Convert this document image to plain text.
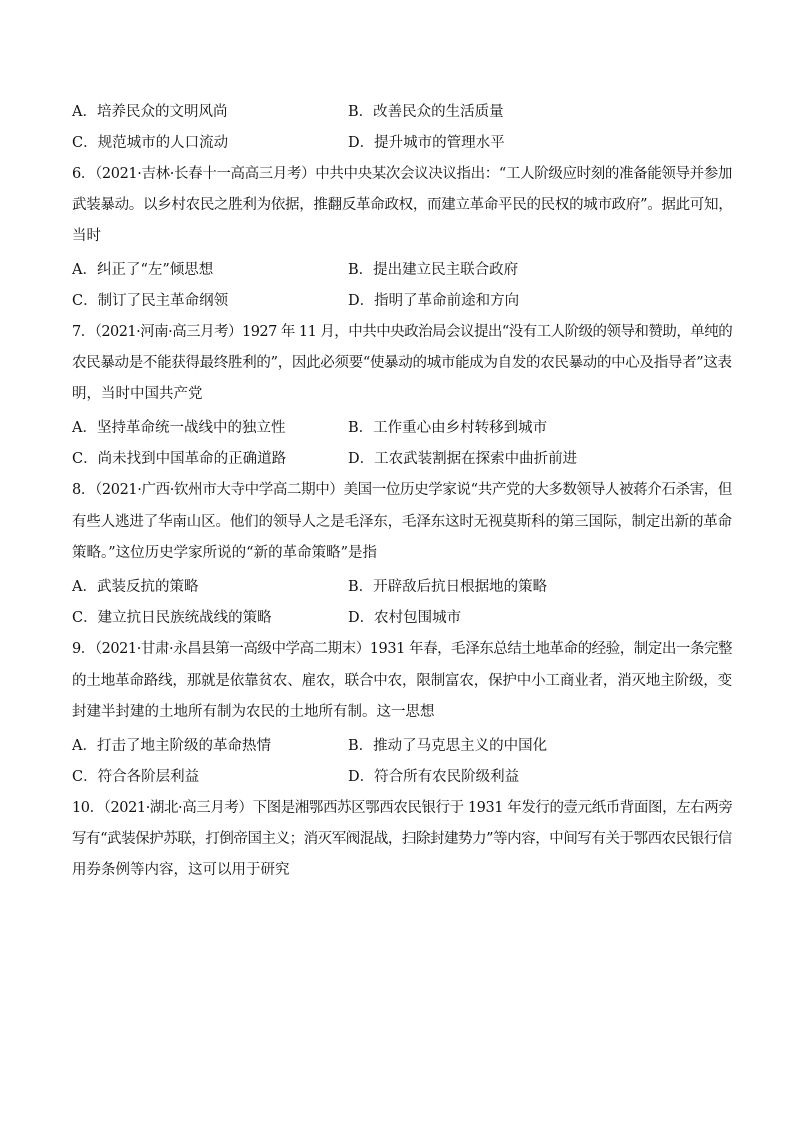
A．培养民众的文明风尚	B．改善民众的生活质量
C．规范城市的人口流动	D．提升城市的管理水平
6．（2021·吉林·长春十一高高三月考）中共中央某次会议决议指出：“工人阶级应时刻的准备能领导并参加
武装暴动。以乡村农民之胜利为依据，推翻反革命政权，而建立革命平民的民权的城市政府”。据此可知，
当时
A．纠正了“左”倾思想	B．提出建立民主联合政府
C．制订了民主革命纲领	D．指明了革命前途和方向
7．（2021·河南·高三月考）1927 年 11 月，中共中央政治局会议提出“没有工人阶级的领导和赞助，单纯的
农民暴动是不能获得最终胜利的”，因此必须要“使暴动的城市能成为自发的农民暴动的中心及指导者”这表
明，当时中国共产党
A．坚持革命统一战线中的独立性	B．工作重心由乡村转移到城市
C．尚未找到中国革命的正确道路	D．工农武装割据在探索中曲折前进
8．（2021·广西·钦州市大寺中学高二期中）美国一位历史学家说“共产党的大多数领导人被蒋介石杀害，但
有些人逃进了华南山区。他们的领导人之是毛泽东，毛泽东这时无视莫斯科的第三国际，制定出新的革命
策略。”这位历史学家所说的“新的革命策略”是指
A．武装反抗的策略	B．开辟敌后抗日根据地的策略
C．建立抗日民族统战线的策略	D．农村包围城市
9．（2021·甘肃·永昌县第一高级中学高二期末）1931 年春，毛泽东总结土地革命的经验，制定出一条完整
的土地革命路线，那就是依靠贫农、雇农，联合中农，限制富农，保护中小工商业者，消灭地主阶级，变
封建半封建的土地所有制为农民的土地所有制。这一思想
A．打击了地主阶级的革命热情	B．推动了马克思主义的中国化
C．符合各阶层利益	D．符合所有农民阶级利益
10．（2021·湖北·高三月考）下图是湘鄂西苏区鄂西农民银行于 1931 年发行的壹元纸币背面图，左右两旁
写有“武装保护苏联，打倒帝国主义；消灭军阀混战，扫除封建势力”等内容，中间写有关于鄂西农民银行信
用券条例等内容，这可以用于研究
